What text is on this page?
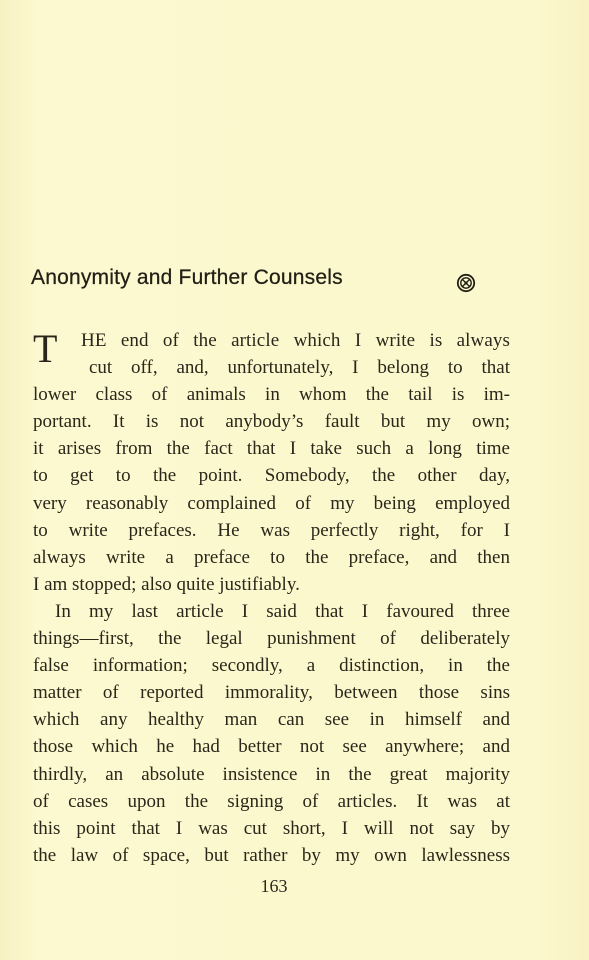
Anonymity and Further Counsels
T	HE end of the article which I write is always
cut off, and, unfortunately, I belong to that
lower class of animals in whom the tail is im-
portant. It is not anybody’s fault but my own;
it arises from the fact that I take such a long time
to get to the point. Somebody, the other day,
very reasonably complained of my being employed
to write prefaces. He was perfectly right, for I
always write a preface to the preface, and then
I am stopped; also quite justifiably.
In my last article I said that I favoured three
things—first, the legal punishment of deliberately
false information; secondly, a distinction, in the
matter of reported immorality, between those sins
which any healthy man can see in himself and
those which he had better not see anywhere; and
thirdly, an absolute insistence in the great majority
of cases upon the signing of articles. It was at
this point that I was cut short, I will not say by
the law of space, but rather by my own lawlessness
163
